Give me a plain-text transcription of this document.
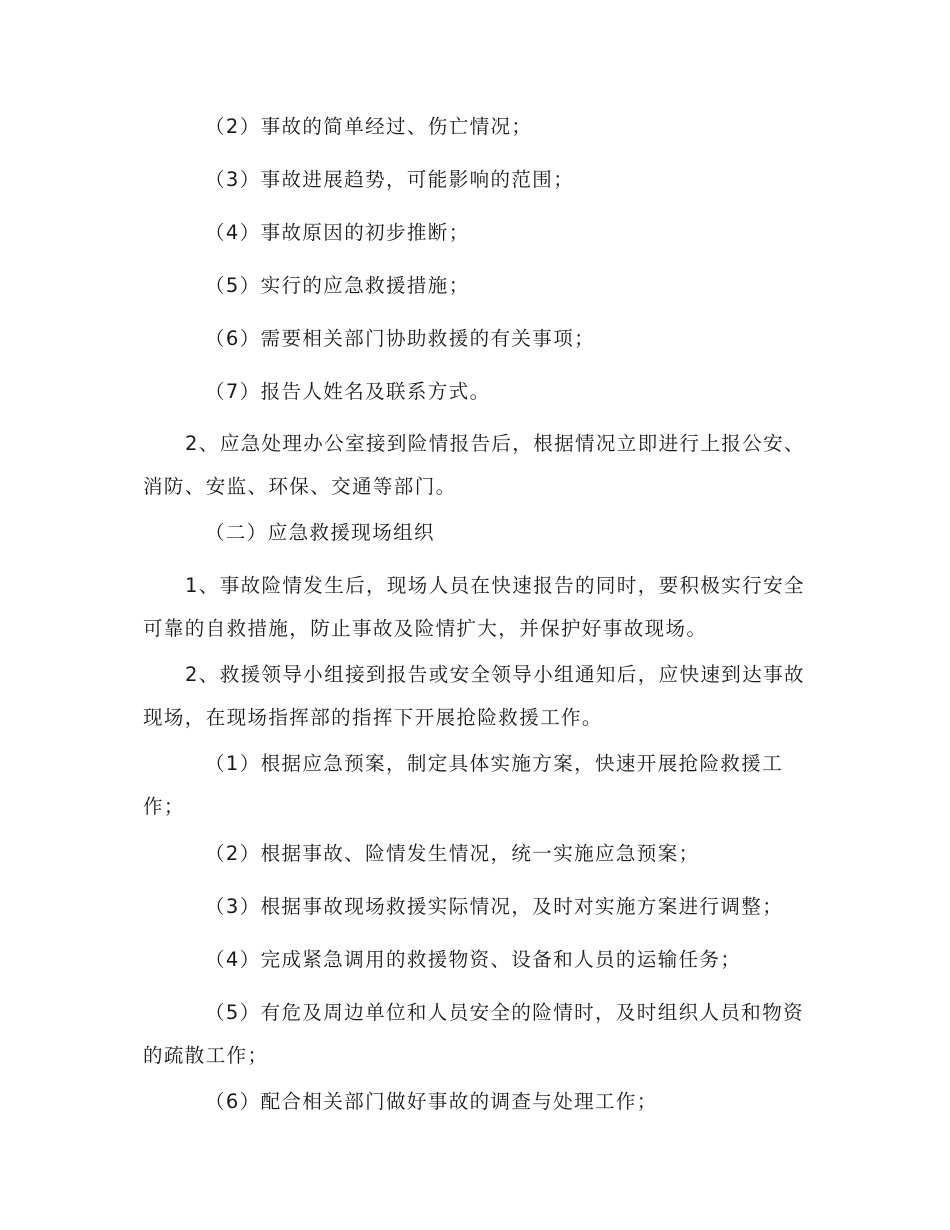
（2）事故的简单经过、伤亡情况；
（3）事故进展趋势，可能影响的范围；
（4）事故原因的初步推断；
（5）实行的应急救援措施；
（6）需要相关部门协助救援的有关事项；
（7）报告人姓名及联系方式。
2、应急处理办公室接到险情报告后，根据情况立即进行上报公安、消防、安监、环保、交通等部门。
（二）应急救援现场组织
1、事故险情发生后，现场人员在快速报告的同时，要积极实行安全可靠的自救措施，防止事故及险情扩大，并保护好事故现场。
2、救援领导小组接到报告或安全领导小组通知后，应快速到达事故现场，在现场指挥部的指挥下开展抢险救援工作。
（1）根据应急预案，制定具体实施方案，快速开展抢险救援工作；
（2）根据事故、险情发生情况，统一实施应急预案；
（3）根据事故现场救援实际情况，及时对实施方案进行调整；
（4）完成紧急调用的救援物资、设备和人员的运输任务；
（5）有危及周边单位和人员安全的险情时，及时组织人员和物资的疏散工作；
（6）配合相关部门做好事故的调查与处理工作；
